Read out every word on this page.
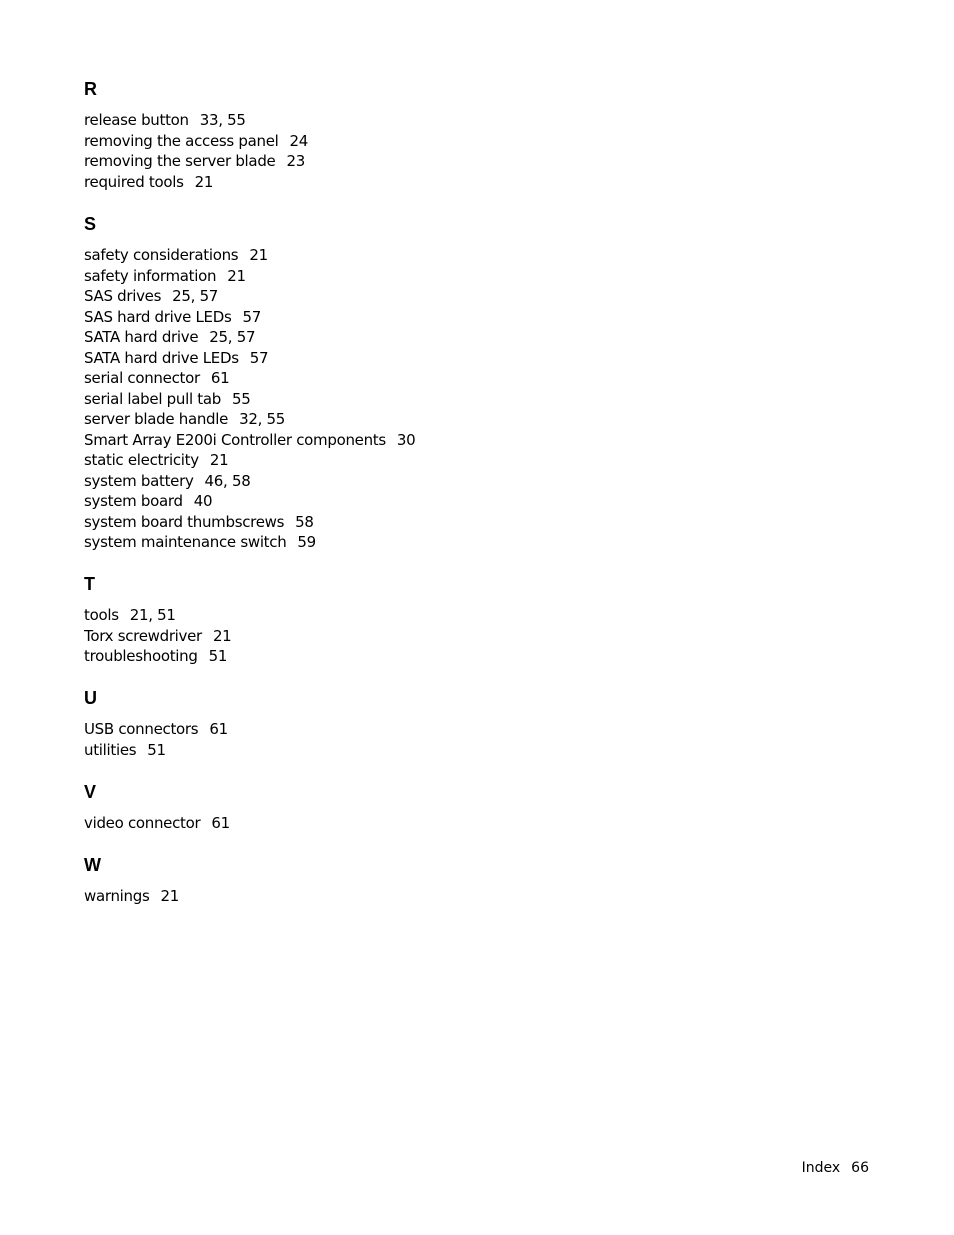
R
release button 33, 55
removing the access panel 24
removing the server blade 23
required tools 21
S
safety considerations 21
safety information 21
SAS drives 25, 57
SAS hard drive LEDs 57
SATA hard drive 25, 57
SATA hard drive LEDs 57
serial connector 61
serial label pull tab 55
server blade handle 32, 55
Smart Array E200i Controller components 30
static electricity 21
system battery 46, 58
system board 40
system board thumbscrews 58
system maintenance switch 59
T
tools 21, 51
Torx screwdriver 21
troubleshooting 51
U
USB connectors 61
utilities 51
V
video connector 61
W
warnings 21
Index 66
